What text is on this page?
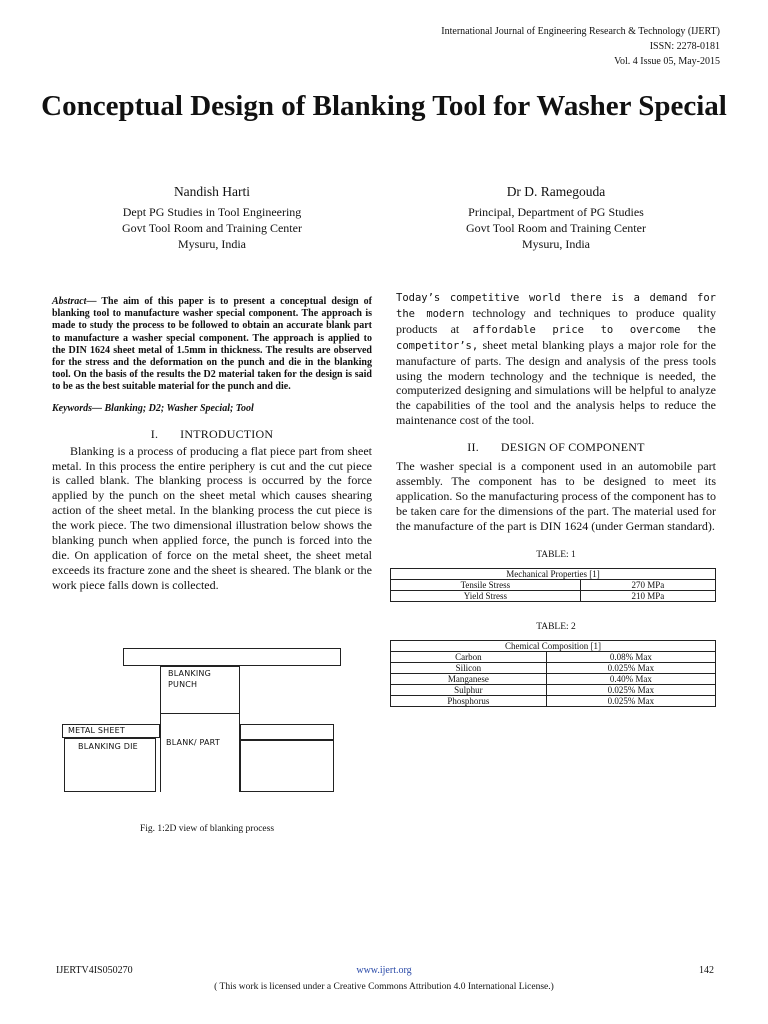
International Journal of Engineering Research & Technology (IJERT)
ISSN: 2278-0181
Vol. 4 Issue 05, May-2015
Conceptual Design of Blanking Tool for Washer Special
Nandish Harti
Dept PG Studies in Tool Engineering
Govt Tool Room and Training Center
Mysuru, India
Dr D. Ramegouda
Principal, Department of PG Studies
Govt Tool Room and Training Center
Mysuru, India

Abstract— The aim of this paper is to present a conceptual design of blanking tool to manufacture washer special component. The approach is made to study the process to be followed to obtain an accurate blank part to manufacture a washer special component. The approach is applied to the DIN 1624 sheet metal of 1.5mm in thickness. The results are observed for the stress and the deformation on the punch and die in the blanking tool. On the basis of the results the D2 material taken for the design is said to be as the best suitable material for the punch and die.

Keywords— Blanking; D2; Washer Special; Tool

I. INTRODUCTION

Blanking is a process of producing a flat piece part from sheet metal. In this process the entire periphery is cut and the cut piece is called blank. The blanking process is occurred by the force applied by the punch on the sheet metal which causes shearing action of the sheet metal. In the blanking process the cut piece is the work piece. The two dimensional illustration below shows the blanking punch when applied force, the punch is forced into the die. On application of force on the metal sheet, the sheet metal exceeds its fracture zone and the sheet is sheared. The blank or the work piece falls down is collected.

BLANKING
PUNCH
METAL SHEET
BLANKING DIE	BLANK/ PART
Fig. 1:2D view of blanking process

Today’s competitive world there is a demand for the modern technology and techniques to produce quality products at affordable price to overcome the competitor’s, sheet metal blanking plays a major role for the manufacture of parts. The design and analysis of the press tools using the modern technology and the technique is needed, the computerized designing and simulations will be helpful to analyze the capabilities of the tool and the analysis helps to reduce the maintenance cost of the tool.

II. DESIGN OF COMPONENT

The washer special is a component used in an automobile part assembly. The component has to be designed to meet its application. So the manufacturing process of the component has to be taken care for the dimensions of the part. The material used for the manufacture of the part is DIN 1624 (under German standard).

TABLE: 1
Mechanical Properties [1]	
Tensile Stress	270 MPa
Yield Stress	210 MPa
TABLE: 2
Chemical Composition [1]	
Carbon	0.08% Max
Silicon	0.025% Max
Manganese	0.40% Max
Sulphur	0.025% Max
Phosphorus	0.025% Max
IJERTV4IS050270	www.ijert.org	142
( This work is licensed under a Creative Commons Attribution 4.0 International License.)
